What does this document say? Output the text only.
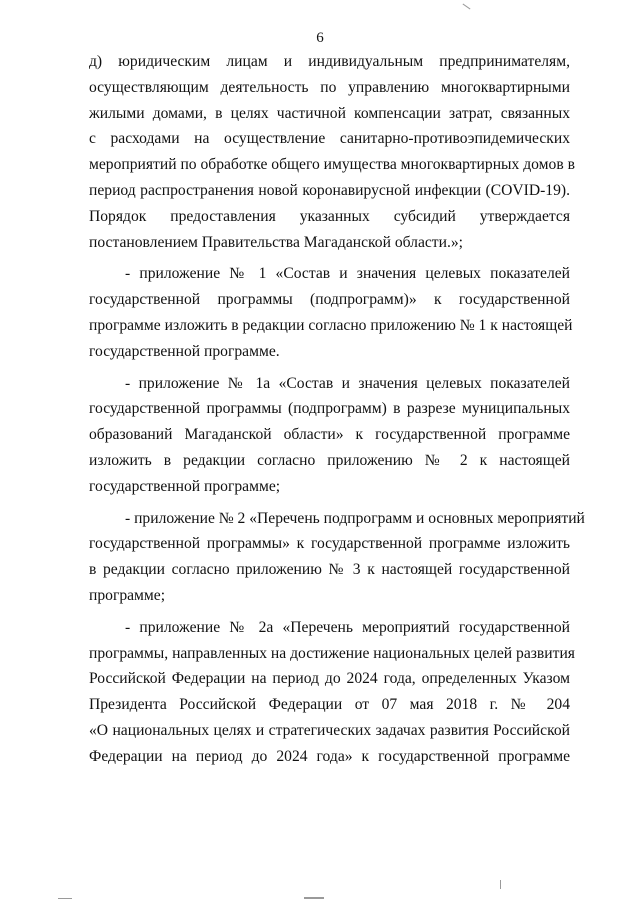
6

д) юридическим лицам и индивидуальным предпринимателям,
осуществляющим деятельность по управлению многоквартирными
жилыми домами, в целях частичной компенсации затрат, связанных
с расходами на осуществление санитарно-противоэпидемических
мероприятий по обработке общего имущества многоквартирных домов в
период распространения новой коронавирусной инфекции (COVID-19).
Порядок предоставления указанных субсидий утверждается
постановлением Правительства Магаданской области.»;

- приложение № 1 «Состав и значения целевых показателей
государственной программы (подпрограмм)» к государственной
программе изложить в редакции согласно приложению № 1 к настоящей
государственной программе.

- приложение № 1а «Состав и значения целевых показателей
государственной программы (подпрограмм) в разрезе муниципальных
образований Магаданской области» к государственной программе
изложить в редакции согласно приложению № 2 к настоящей
государственной программе;

- приложение № 2 «Перечень подпрограмм и основных мероприятий
государственной программы» к государственной программе изложить
в редакции согласно приложению № 3 к настоящей государственной
программе;

- приложение № 2а «Перечень мероприятий государственной
программы, направленных на достижение национальных целей развития
Российской Федерации на период до 2024 года, определенных Указом
Президента Российской Федерации от 07 мая 2018 г. № 204
«О национальных целях и стратегических задачах развития Российской
Федерации на период до 2024 года» к государственной программе
